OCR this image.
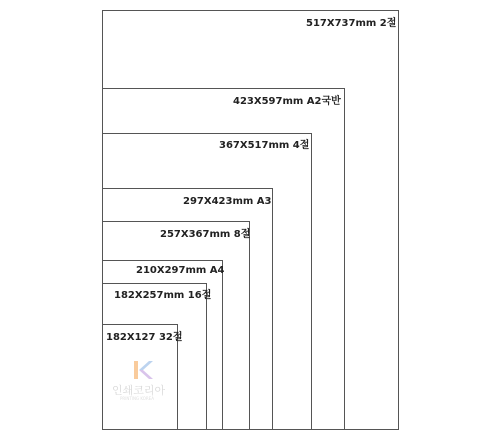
517X737mm 2절
423X597mm A2국반
367X517mm 4절
297X423mm A3
257X367mm 8절
210X297mm A4
182X257mm 16절
182X127 32절
인쇄코리아
PRINTING KOREA
